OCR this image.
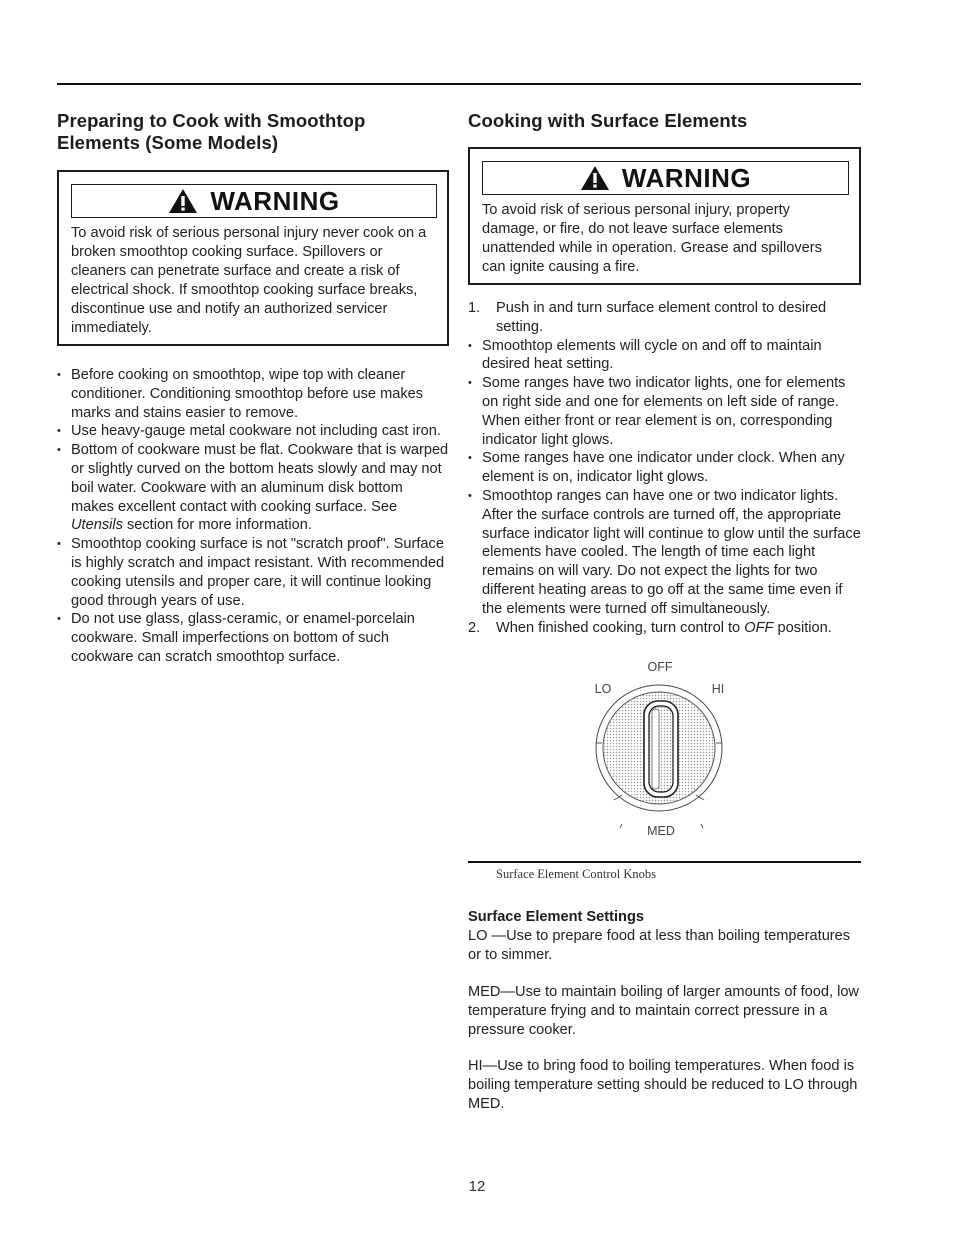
Preparing to Cook with Smoothtop Elements (Some Models)
WARNING
To avoid risk of serious personal injury never cook on a broken smoothtop cooking surface. Spillovers or cleaners can penetrate surface and create a risk of electrical shock. If smoothtop cooking surface breaks, discontinue use and notify an authorized servicer immediately.
• Before cooking on smoothtop, wipe top with cleaner conditioner. Conditioning smoothtop before use makes marks and stains easier to remove.
• Use heavy-gauge metal cookware not including cast iron.
• Bottom of cookware must be flat. Cookware that is warped or slightly curved on the bottom heats slowly and may not boil water. Cookware with an aluminum disk bottom makes excellent contact with cooking surface. See Utensils section for more information.
• Smoothtop cooking surface is not "scratch proof". Surface is highly scratch and impact resistant. With recommended cooking utensils and proper care, it will continue looking good through years of use.
• Do not use glass, glass-ceramic, or enamel-porcelain cookware. Small imperfections on bottom of such cookware can scratch smoothtop surface.
Cooking with Surface Elements
WARNING
To avoid risk of serious personal injury, property damage, or fire, do not leave surface elements unattended while in operation. Grease and spillovers can ignite causing a fire.
1. Push in and turn surface element control to desired setting.
• Smoothtop elements will cycle on and off to maintain desired heat setting.
• Some ranges have two indicator lights, one for elements on right side and one for elements on left side of range. When either front or rear element is on, corresponding indicator light glows.
• Some ranges have one indicator under clock. When any element is on, indicator light glows.
• Smoothtop ranges can have one or two indicator lights. After the surface controls are turned off, the appropriate surface indicator light will continue to glow until the surface elements have cooled. The length of time each light remains on will vary. Do not expect the lights for two different heating areas to go off at the same time even if the elements were turned off simultaneously.
2. When finished cooking, turn control to OFF position.
OFF
LO	HI
MED
Surface Element Control Knobs
Surface Element Settings
LO —Use to prepare food at less than boiling temperatures or to simmer.
MED—Use to maintain boiling of larger amounts of food, low temperature frying and to maintain correct pressure in a pressure cooker.
HI—Use to bring food to boiling temperatures. When food is boiling temperature setting should be reduced to LO through MED.
12
